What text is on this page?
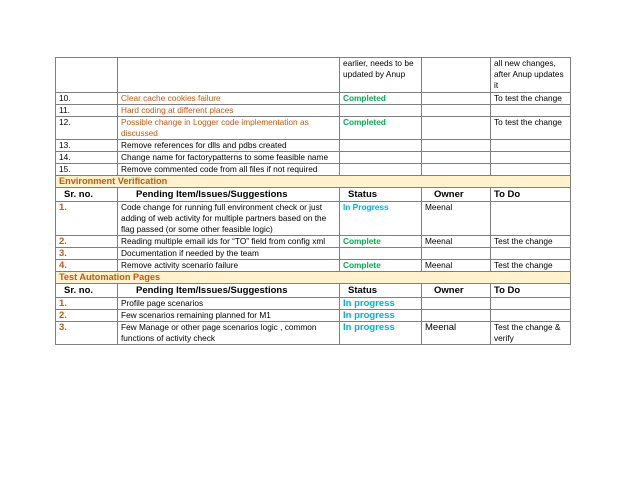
		earlier, needs to be updated by Anup		all new changes, after Anup updates it
10.	Clear cache cookies failure	Completed		To test the change
11.	Hard coding at different places			
12.	Possible change in Logger code implementation as discussed	Completed		To test the change
13.	Remove references for dlls and pdbs created			
14.	Change name for factorypatterns to some feasible name			
15.	Remove commented code from all files if not required			
Environment Verification				
Sr. no.	Pending Item/Issues/Suggestions	Status	Owner	To Do
1.	Code change for running full environment check or just adding of web activity for multiple partners based on the flag passed (or some other feasible logic)	In Progress	Meenal	
2.	Reading multiple email ids for “TO” field from config xml	Complete	Meenal	Test the change
3.	Documentation if needed by the team			
4.	Remove activity scenario failure	Complete	Meenal	Test the change
Test Automation Pages				
Sr. no.	Pending Item/Issues/Suggestions	Status	Owner	To Do
1.	Profile page scenarios	In progress		
2.	Few scenarios remaining planned for M1	In progress		
3.	Few Manage or other page scenarios logic , common functions of activity check	In progress	Meenal	Test the change & verify
